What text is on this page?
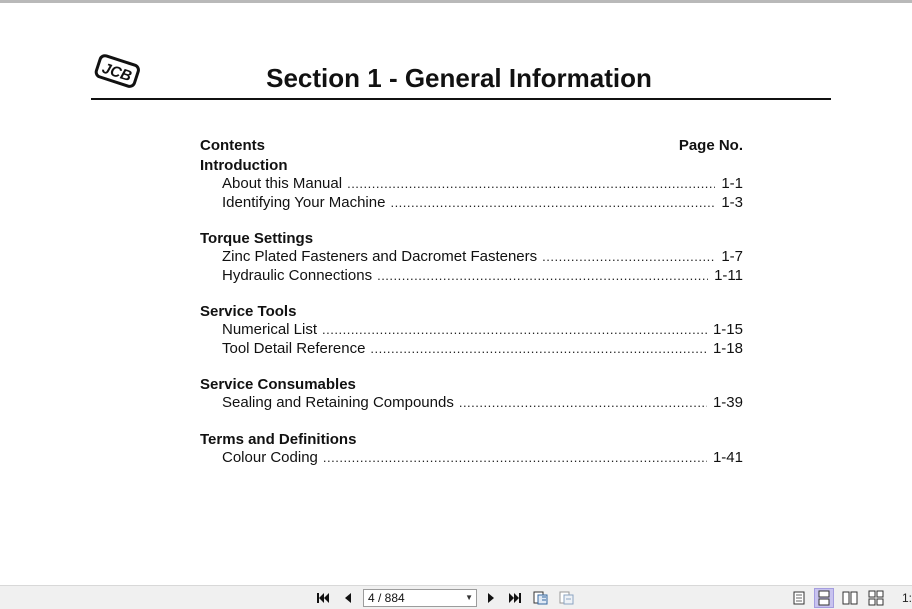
JCB	Section 1 - General Information
Contents	Page No.
Introduction
About this Manual .....	1-1
Identifying Your Machine .....	1-3
Torque Settings
Zinc Plated Fasteners and Dacromet Fasteners .....	1-7
Hydraulic Connections .....	1-11
Service Tools
Numerical List .....	1-15
Tool Detail Reference .....	1-18
Service Consumables
Sealing and Retaining Compounds .....	1-39
Terms and Definitions
Colour Coding .....	1-41
4 / 884	▼	1:
